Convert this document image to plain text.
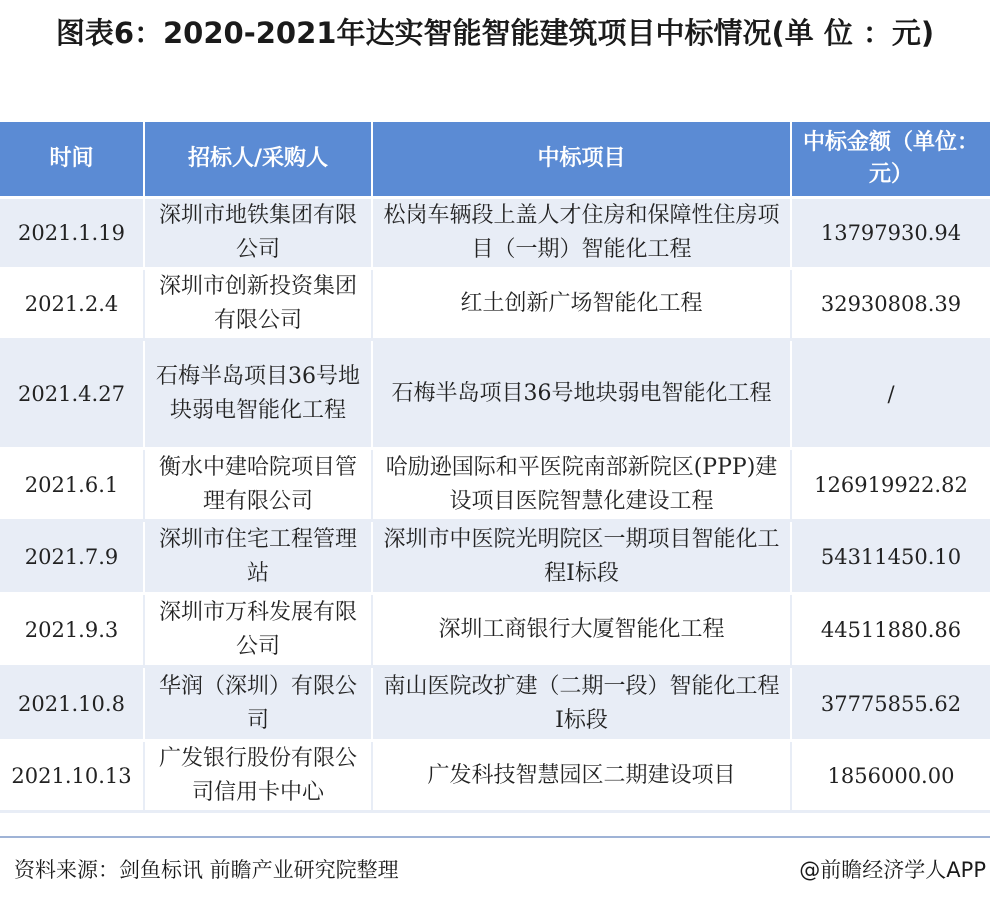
图表6：2020-2021年达实智能智能建筑项目中标情况(单 位 ：元)
时间	招标人/采购人	中标项目	中标金额（单位：元）
2021.1.19	深圳市地铁集团有限公司	松岗车辆段上盖人才住房和保障性住房项目（一期）智能化工程	13797930.94
2021.2.4	深圳市创新投资集团有限公司	红土创新广场智能化工程	32930808.39
2021.4.27	石梅半岛项目36号地块弱电智能化工程	石梅半岛项目36号地块弱电智能化工程	/
2021.6.1	衡水中建哈院项目管理有限公司	哈励逊国际和平医院南部新院区(PPP)建设项目医院智慧化建设工程	126919922.82
2021.7.9	深圳市住宅工程管理站	深圳市中医院光明院区一期项目智能化工程Ⅰ标段	54311450.10
2021.9.3	深圳市万科发展有限公司	深圳工商银行大厦智能化工程	44511880.86
2021.10.8	华润（深圳）有限公司	南山医院改扩建（二期一段）智能化工程Ⅰ标段	37775855.62
2021.10.13	广发银行股份有限公司信用卡中心	广发科技智慧园区二期建设项目	1856000.00
资料来源：剑鱼标讯 前瞻产业研究院整理	@前瞻经济学人APP
